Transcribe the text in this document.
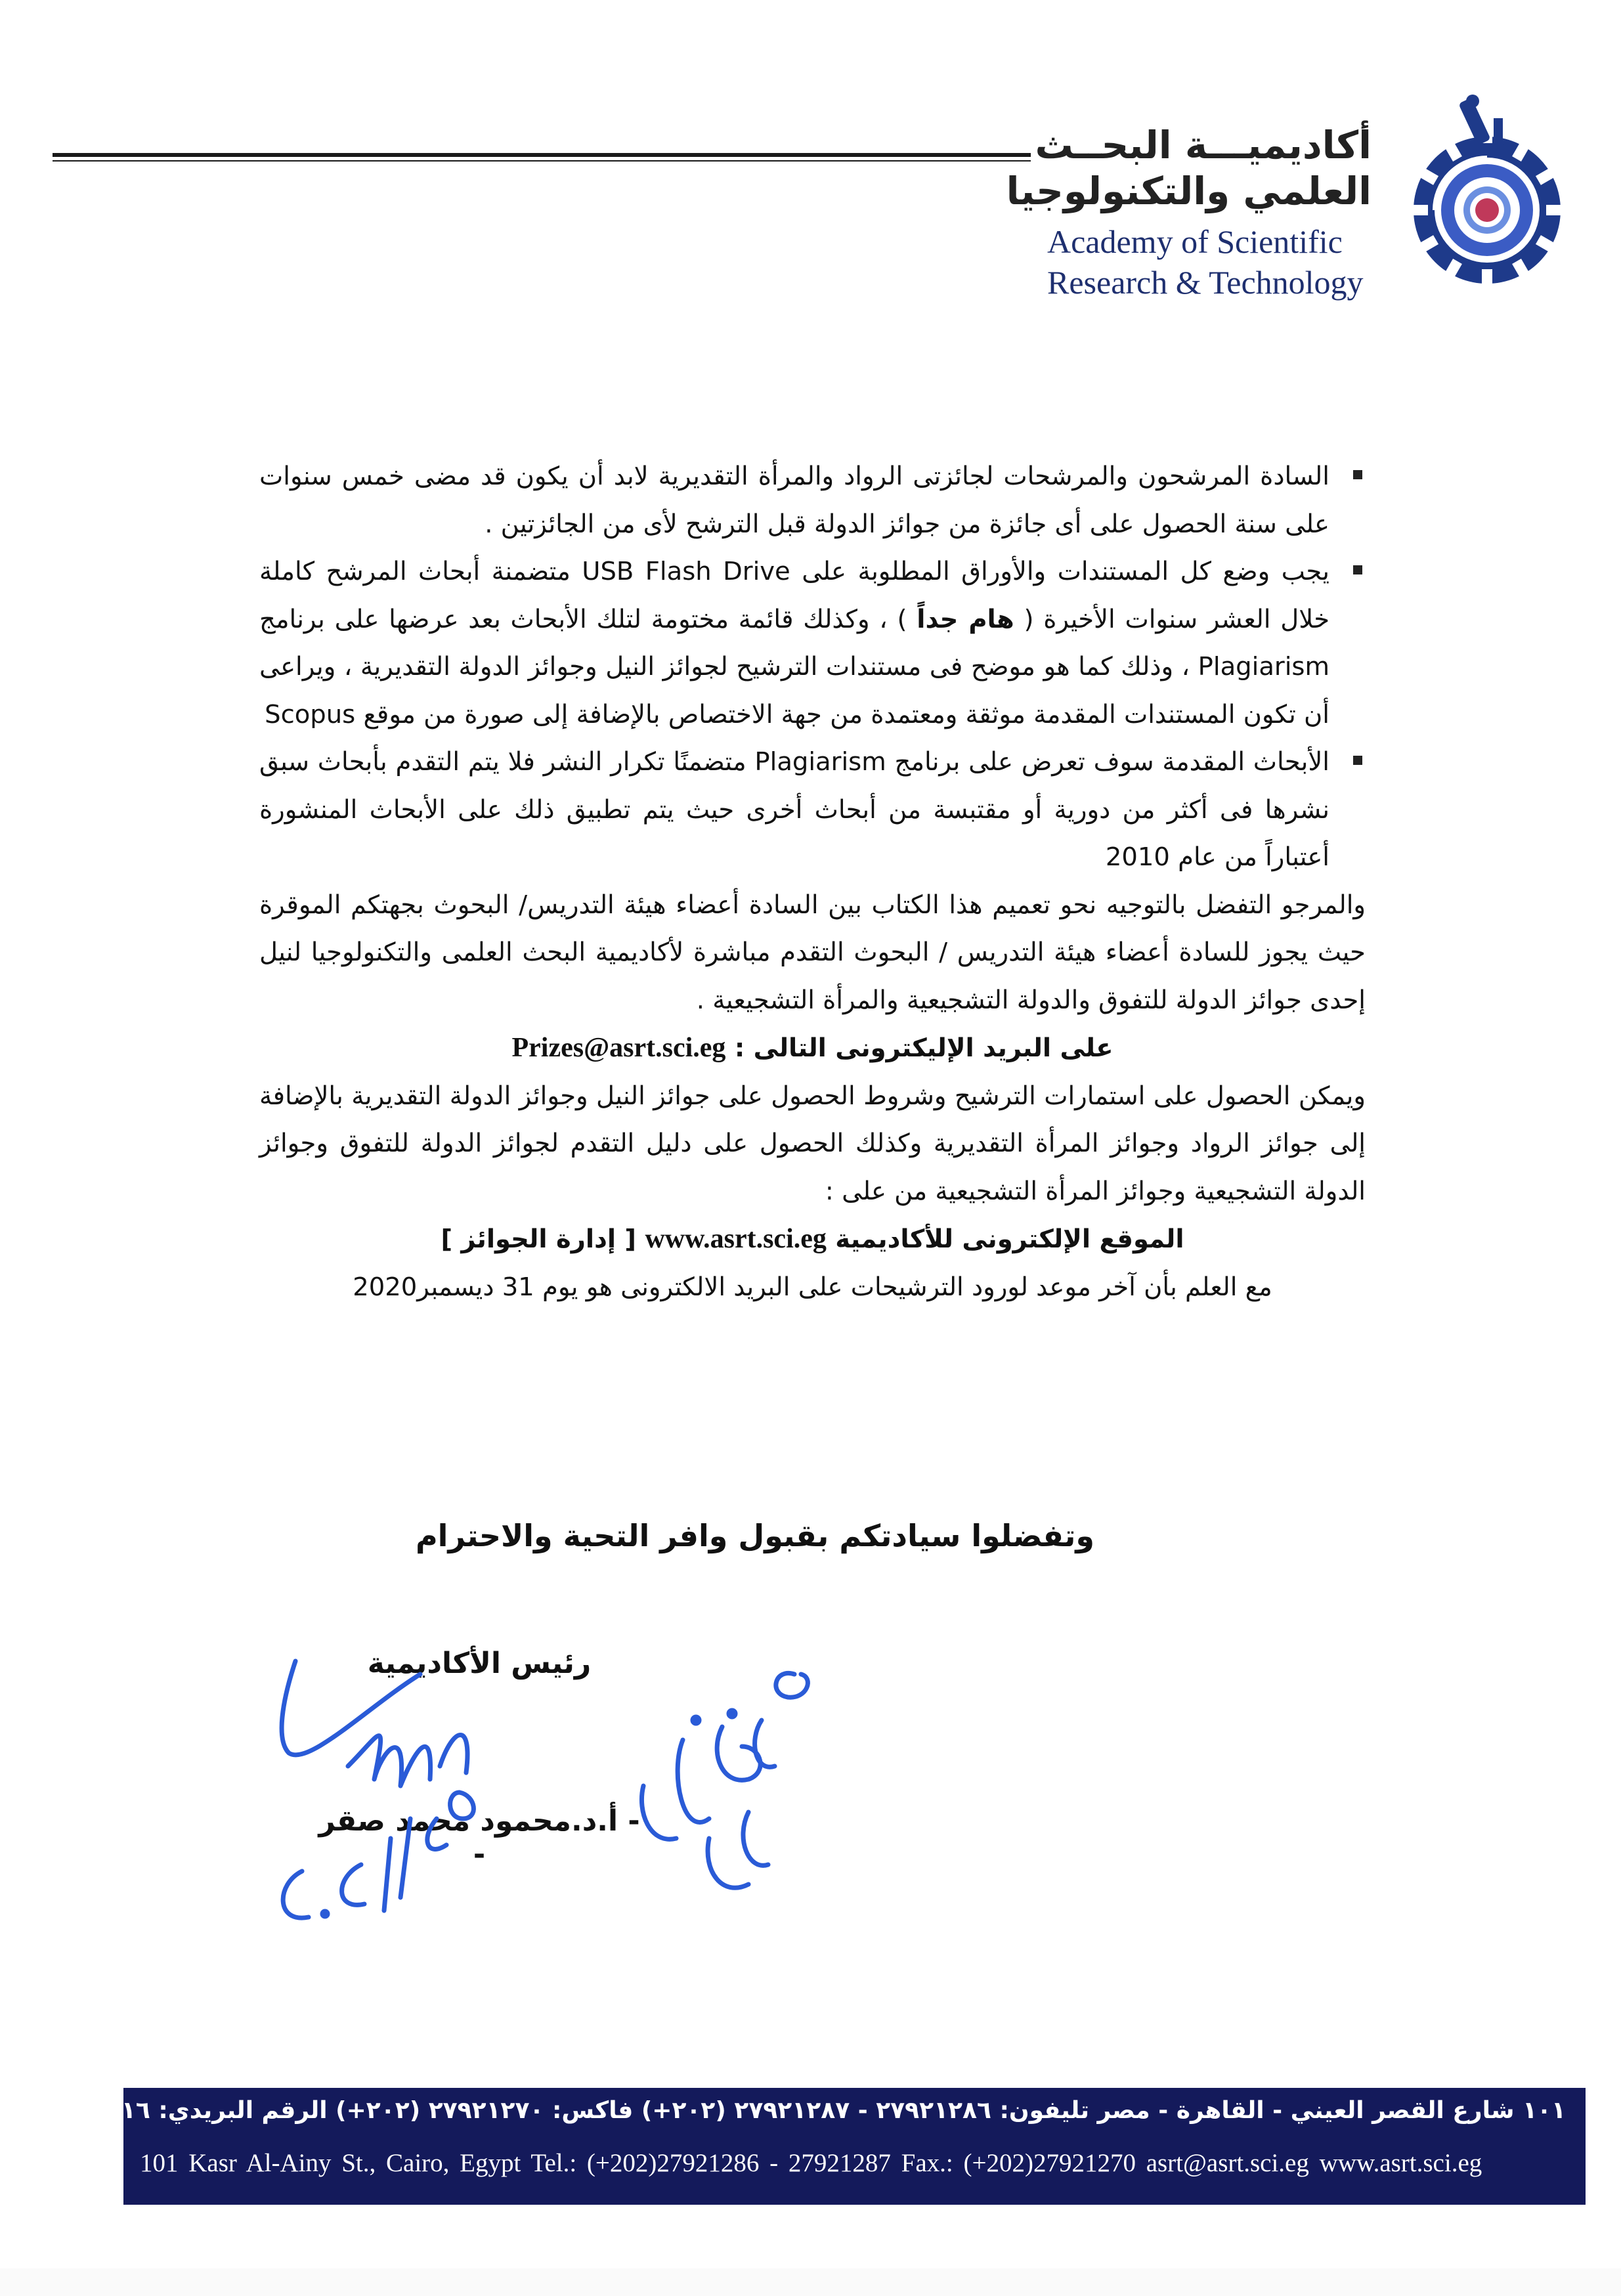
أكاديميـــة البحــث
العلمي والتكنولوجيا
Academy of Scientific
Research & Technology

السادة المرشحون والمرشحات لجائزتى الرواد والمرأة التقديرية لابد أن يكون قد مضى خمس سنوات على سنة الحصول على أى جائزة من جوائز الدولة قبل الترشح لأى من الجائزتين .

يجب وضع كل المستندات والأوراق المطلوبة على USB Flash Drive متضمنة أبحاث المرشح كاملة خلال العشر سنوات الأخيرة ( هام جداً ) ، وكذلك قائمة مختومة لتلك الأبحاث بعد عرضها على برنامج Plagiarism ، وذلك كما هو موضح فى مستندات الترشيح لجوائز النيل وجوائز الدولة التقديرية ، ويراعى أن تكون المستندات المقدمة موثقة ومعتمدة من جهة الاختصاص بالإضافة إلى صورة من موقع Scopus

الأبحاث المقدمة سوف تعرض على برنامج Plagiarism متضمنًا تكرار النشر فلا يتم التقدم بأبحاث سبق نشرها فى أكثر من دورية أو مقتبسة من أبحاث أخرى حيث يتم تطبيق ذلك على الأبحاث المنشورة أعتباراً من عام 2010

والمرجو التفضل بالتوجيه نحو تعميم هذا الكتاب بين السادة أعضاء هيئة التدريس/ البحوث بجهتكم الموقرة حيث يجوز للسادة أعضاء هيئة التدريس / البحوث التقدم مباشرة لأكاديمية البحث العلمى والتكنولوجيا لنيل إحدى جوائز الدولة للتفوق والدولة التشجيعية والمرأة التشجيعية .

على البريد الإليكترونى التالى : Prizes@asrt.sci.eg

ويمكن الحصول على استمارات الترشيح وشروط الحصول على جوائز النيل وجوائز الدولة التقديرية بالإضافة إلى جوائز الرواد وجوائز المرأة التقديرية وكذلك الحصول على دليل التقدم لجوائز الدولة للتفوق وجوائز الدولة التشجيعية وجوائز المرأة التشجيعية من على :

الموقع الإلكترونى للأكاديمية www.asrt.sci.eg [ إدارة الجوائز ]

مع العلم بأن آخر موعد لورود الترشيحات على البريد الالكترونى هو يوم 31 ديسمبر2020

وتفضلوا سيادتكم بقبول وافر التحية والاحترام
رئيس الأكاديمية
- أ.د.محمود محمد صقر -
١٠١ شارع القصر العيني - القاهرة - مصر تليفون: ٢٧٩٢١٢٨٦ - ٢٧٩٢١٢٨٧ (٢٠٢+) فاكس: ٢٧٩٢١٢٧٠ (٢٠٢+) الرقم البريدي: ١١٥١٦
101 Kasr Al-Ainy St., Cairo, Egypt Tel.: (+202)27921286 - 27921287 Fax.: (+202)27921270 asrt@asrt.sci.eg www.asrt.sci.eg
